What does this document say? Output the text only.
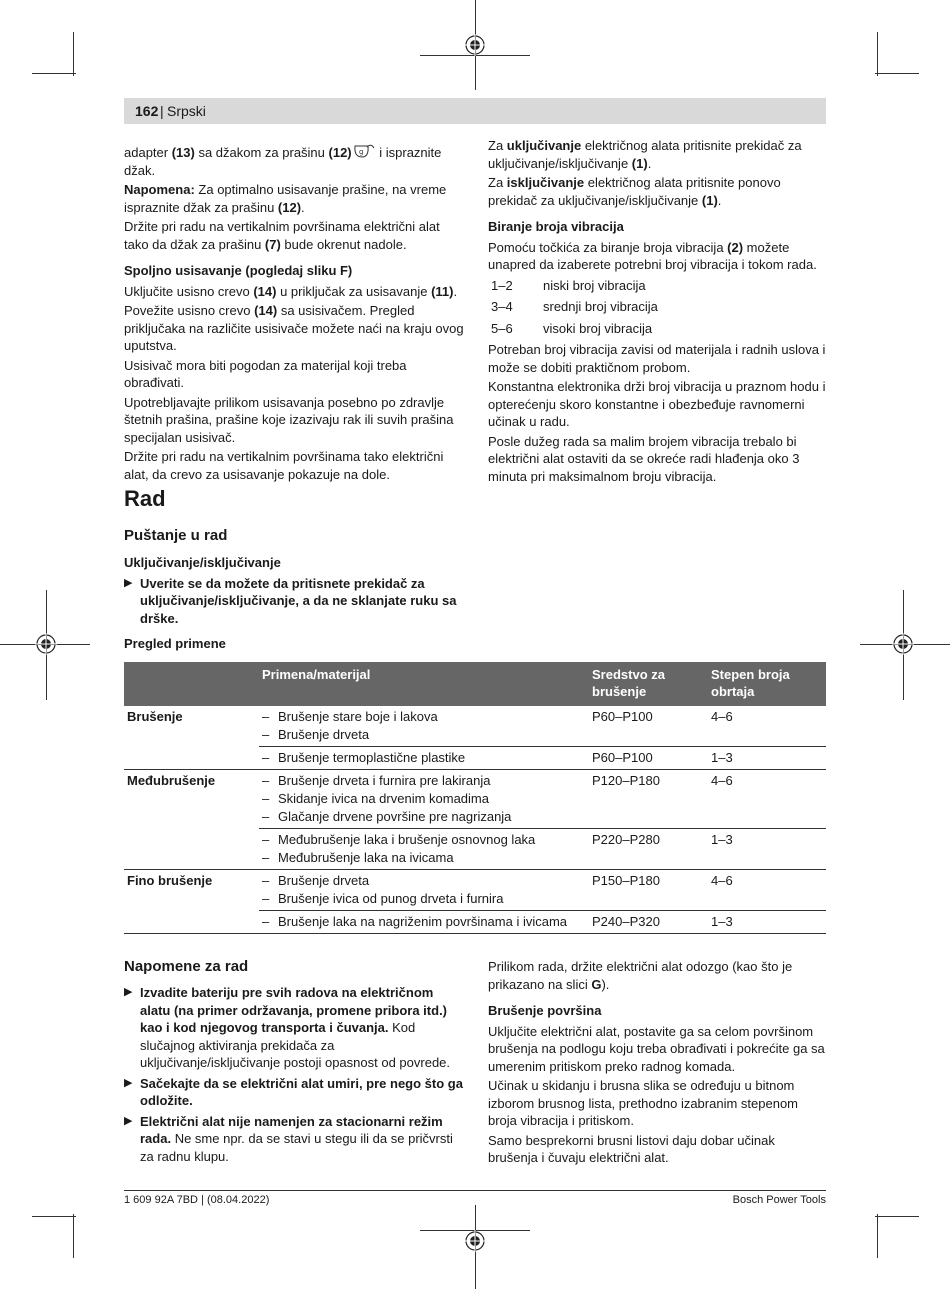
162 | Srpski

adapter (13) sa džakom za prašinu (12) g i ispraznite džak.

Napomena: Za optimalno usisavanje prašine, na vreme ispraznite džak za prašinu (12).

Držite pri radu na vertikalnim površinama električni alat tako da džak za prašinu (7) bude okrenut nadole.

Spoljno usisavanje (pogledaj sliku F)

Uključite usisno crevo (14) u priključak za usisavanje (11).

Povežite usisno crevo (14) sa usisivačem. Pregled priključaka na različite usisivače možete naći na kraju ovog uputstva.

Usisivač mora biti pogodan za materijal koji treba obrađivati.

Upotrebljavajte prilikom usisavanja posebno po zdravlje štetnih prašina, prašine koje izazivaju rak ili suvih prašina specijalan usisivač.

Držite pri radu na vertikalnim površinama tako električni alat, da crevo za usisavanje pokazuje na dole.

Rad
Puštanje u rad
Uključivanje/isključivanje
▶ Uverite se da možete da pritisnete prekidač za uključivanje/isključivanje, a da ne sklanjate ruku sa drške.
Pregled primene

Za uključivanje električnog alata pritisnite prekidač za uključivanje/isključivanje (1).

Za isključivanje električnog alata pritisnite ponovo prekidač za uključivanje/isključivanje (1).

Biranje broja vibracija

Pomoću točkića za biranje broja vibracija (2) možete unapred da izaberete potrebni broj vibracija i tokom rada.

1–2	niski broj vibracija
3–4	srednji broj vibracija
5–6	visoki broj vibracija

Potreban broj vibracija zavisi od materijala i radnih uslova i može se dobiti praktičnom probom.

Konstantna elektronika drži broj vibracija u praznom hodu i opterećenju skoro konstantne i obezbeđuje ravnomerni učinak u radu.

Posle dužeg rada sa malim brojem vibracija trebalo bi električni alat ostaviti da se okreće radi hlađenja oko 3 minuta pri maksimalnom broju vibracija.

	Primena/materijal	Sredstvo za brušenje	Stepen broja obrtaja
Brušenje	– Brušenje stare boje i lakova
– Brušenje drveta	P60–P100	4–6

	– Brušenje termoplastične plastike	P60–P100	1–3
Međubrušenje	– Brušenje drveta i furnira pre lakiranja
– Skidanje ivica na drvenim komadima
– Glačanje drvene površine pre nagrizanja	P120–P180	4–6

	– Međubrušenje laka i brušenje osnovnog laka
– Međubrušenje laka na ivicama	P220–P280	1–3
Fino brušenje	– Brušenje drveta
– Brušenje ivica od punog drveta i furnira	P150–P180	4–6

	– Brušenje laka na nagriženim površinama i ivicama	P240–P320	1–3
Napomene za rad
▶ Izvadite bateriju pre svih radova na električnom alatu (na primer održavanja, promene pribora itd.) kao i kod njegovog transporta i čuvanja. Kod slučajnog aktiviranja prekidača za uključivanje/isključivanje postoji opasnost od povrede.
▶ Sačekajte da se električni alat umiri, pre nego što ga odložite.
▶ Električni alat nije namenjen za stacionarni režim rada. Ne sme npr. da se stavi u stegu ili da se pričvrsti za radnu klupu.

Prilikom rada, držite električni alat odozgo (kao što je prikazano na slici G).

Brušenje površina

Uključite električni alat, postavite ga sa celom površinom brušenja na podlogu koju treba obrađivati i pokrećite ga sa umerenim pritiskom preko radnog komada.

Učinak u skidanju i brusna slika se određuju u bitnom izborom brusnog lista, prethodno izabranim stepenom broja vibracija i pritiskom.

Samo besprekorni brusni listovi daju dobar učinak brušenja i čuvaju električni alat.

1 609 92A 7BD | (08.04.2022)	Bosch Power Tools
